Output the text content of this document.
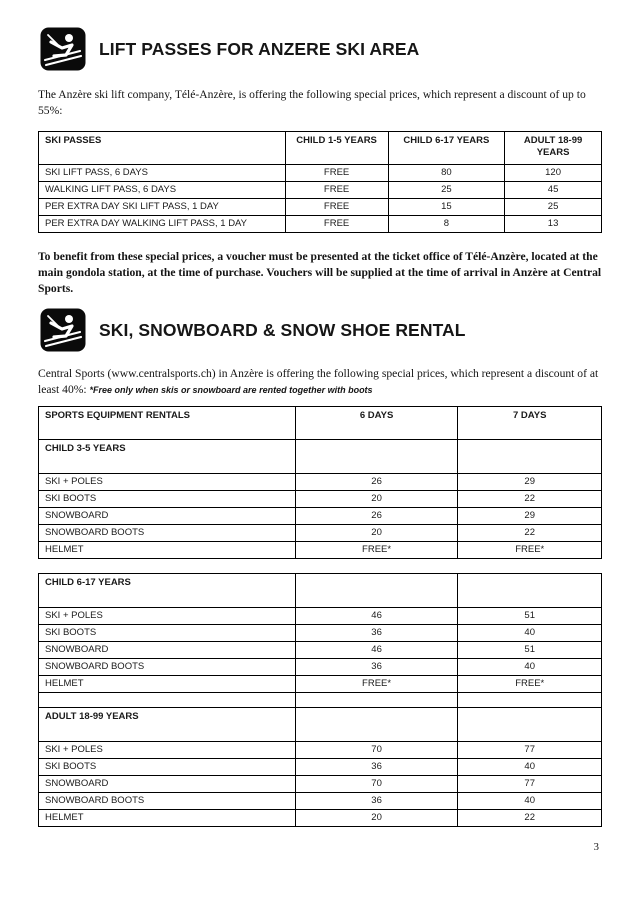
LIFT PASSES FOR ANZERE SKI AREA

The Anzère ski lift company, Télé-Anzère, is offering the following special prices, which represent a discount of up to 55%:

SKI PASSES	CHILD 1-5 YEARS	CHILD 6-17 YEARS	ADULT 18-99 YEARS
SKI LIFT PASS, 6 DAYS	FREE	80	120
WALKING LIFT PASS, 6 DAYS	FREE	25	45
PER EXTRA DAY SKI LIFT PASS, 1 DAY	FREE	15	25
PER EXTRA DAY WALKING LIFT PASS, 1 DAY	FREE	8	13

To benefit from these special prices, a voucher must be presented at the ticket office of Télé-Anzère, located at the main gondola station, at the time of purchase. Vouchers will be supplied at the time of arrival in Anzère at Central Sports.

SKI, SNOWBOARD & SNOW SHOE RENTAL

Central Sports (www.centralsports.ch) in Anzère is offering the following special prices, which represent a discount of at least 40%: *Free only when skis or snowboard are rented together with boots

SPORTS EQUIPMENT RENTALS	6 DAYS	7 DAYS
CHILD 3-5 YEARS		
SKI + POLES	26	29
SKI BOOTS	20	22
SNOWBOARD	26	29
SNOWBOARD BOOTS	20	22
HELMET	FREE*	FREE*
CHILD 6-17 YEARS		
SKI + POLES	46	51
SKI BOOTS	36	40
SNOWBOARD	46	51
SNOWBOARD BOOTS	36	40
HELMET	FREE*	FREE*

ADULT 18-99 YEARS		
SKI + POLES	70	77
SKI BOOTS	36	40
SNOWBOARD	70	77
SNOWBOARD BOOTS	36	40
HELMET	20	22
3
